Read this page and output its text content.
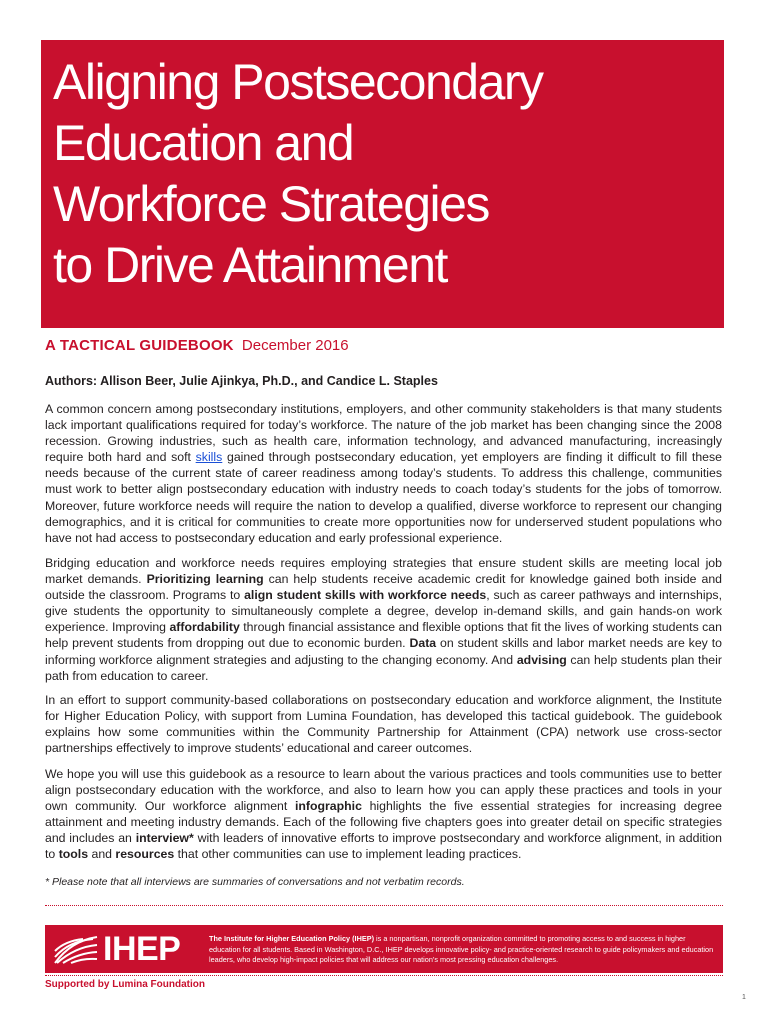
Aligning Postsecondary
Education and
Workforce Strategies
to Drive Attainment
A TACTICAL GUIDEBOOK December 2016
Authors: Allison Beer, Julie Ajinkya, Ph.D., and Candice L. Staples

A common concern among postsecondary institutions, employers, and other community stakeholders is that many students lack important qualifications required for today’s workforce. The nature of the job market has been changing since the 2008 recession. Growing industries, such as health care, information technology, and advanced manufacturing, increasingly require both hard and soft skills gained through postsecondary education, yet employers are finding it difficult to fill these needs because of the current state of career readiness among today’s students. To address this challenge, communities must work to better align postsecondary education with industry needs to coach today’s students for the jobs of tomorrow. Moreover, future workforce needs will require the nation to develop a qualified, diverse workforce to represent our changing demographics, and it is critical for communities to create more opportunities now for underserved student populations who have not had access to postsecondary education and early professional experience.

Bridging education and workforce needs requires employing strategies that ensure student skills are meeting local job market demands. Prioritizing learning can help students receive academic credit for knowledge gained both inside and outside the classroom. Programs to align student skills with workforce needs, such as career pathways and internships, give students the opportunity to simultaneously complete a degree, develop in-demand skills, and gain hands-on work experience. Improving affordability through financial assistance and flexible options that fit the lives of working students can help prevent students from dropping out due to economic burden. Data on student skills and labor market needs are key to informing workforce alignment strategies and adjusting to the changing economy. And advising can help students plan their path from education to career.

In an effort to support community-based collaborations on postsecondary education and workforce alignment, the Institute for Higher Education Policy, with support from Lumina Foundation, has developed this tactical guidebook. The guidebook explains how some communities within the Community Partnership for Attainment (CPA) network use cross-sector partnerships effectively to improve students’ educational and career outcomes.

We hope you will use this guidebook as a resource to learn about the various practices and tools communities use to better align postsecondary education with the workforce, and also to learn how you can apply these practices and tools in your own community. Our workforce alignment infographic highlights the five essential strategies for increasing degree attainment and meeting industry demands. Each of the following five chapters goes into greater detail on specific strategies and includes an interview* with leaders of innovative efforts to improve postsecondary and workforce alignment, in addition to tools and resources that other communities can use to implement leading practices.

* Please note that all interviews are summaries of conversations and not verbatim records.
IHEP	The Institute for Higher Education Policy (IHEP) is a nonpartisan, nonprofit organization committed to promoting access to and success in higher education for all students. Based in Washington, D.C., IHEP develops innovative policy- and practice-oriented research to guide policymakers and education leaders, who develop high-impact policies that will address our nation’s most pressing education challenges.
Supported by Lumina Foundation
1
